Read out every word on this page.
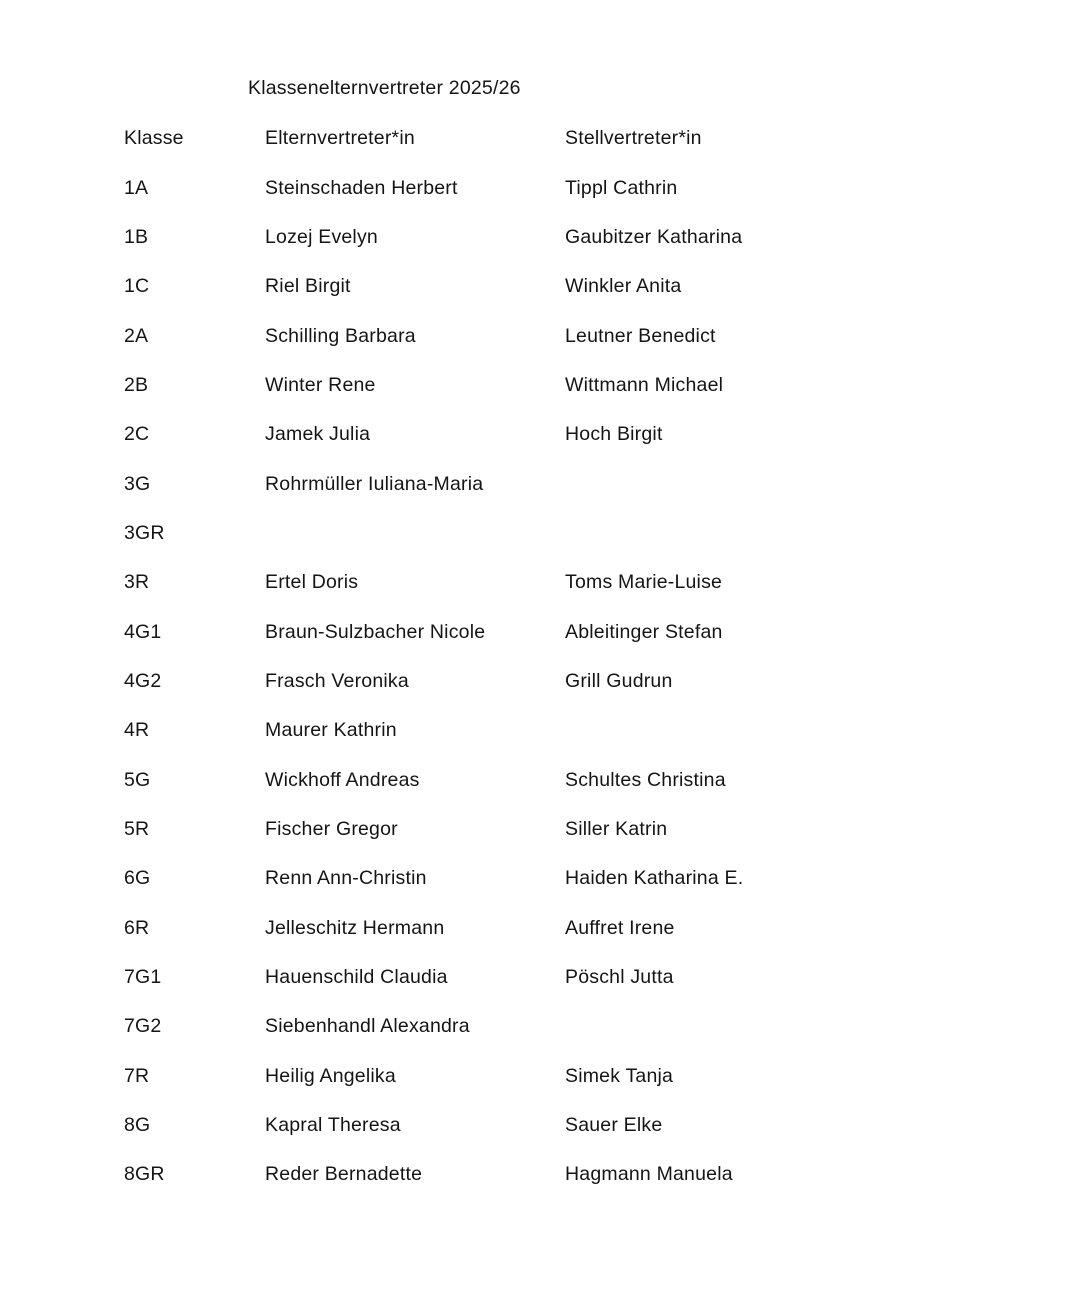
Klassenelternvertreter 2025/26
Klasse	Elternvertreter*in	Stellvertreter*in
1A	Steinschaden Herbert	Tippl Cathrin
1B	Lozej Evelyn	Gaubitzer Katharina
1C	Riel Birgit	Winkler Anita
2A	Schilling Barbara	Leutner Benedict
2B	Winter Rene	Wittmann Michael
2C	Jamek Julia	Hoch Birgit
3G	Rohrmüller Iuliana-Maria
3GR
3R	Ertel Doris	Toms Marie-Luise
4G1	Braun-Sulzbacher Nicole	Ableitinger Stefan
4G2	Frasch Veronika	Grill Gudrun
4R	Maurer Kathrin
5G	Wickhoff Andreas	Schultes Christina
5R	Fischer Gregor	Siller Katrin
6G	Renn Ann-Christin	Haiden Katharina E.
6R	Jelleschitz Hermann	Auffret Irene
7G1	Hauenschild Claudia	Pöschl Jutta
7G2	Siebenhandl Alexandra
7R	Heilig Angelika	Simek Tanja
8G	Kapral Theresa	Sauer Elke
8GR	Reder Bernadette	Hagmann Manuela
